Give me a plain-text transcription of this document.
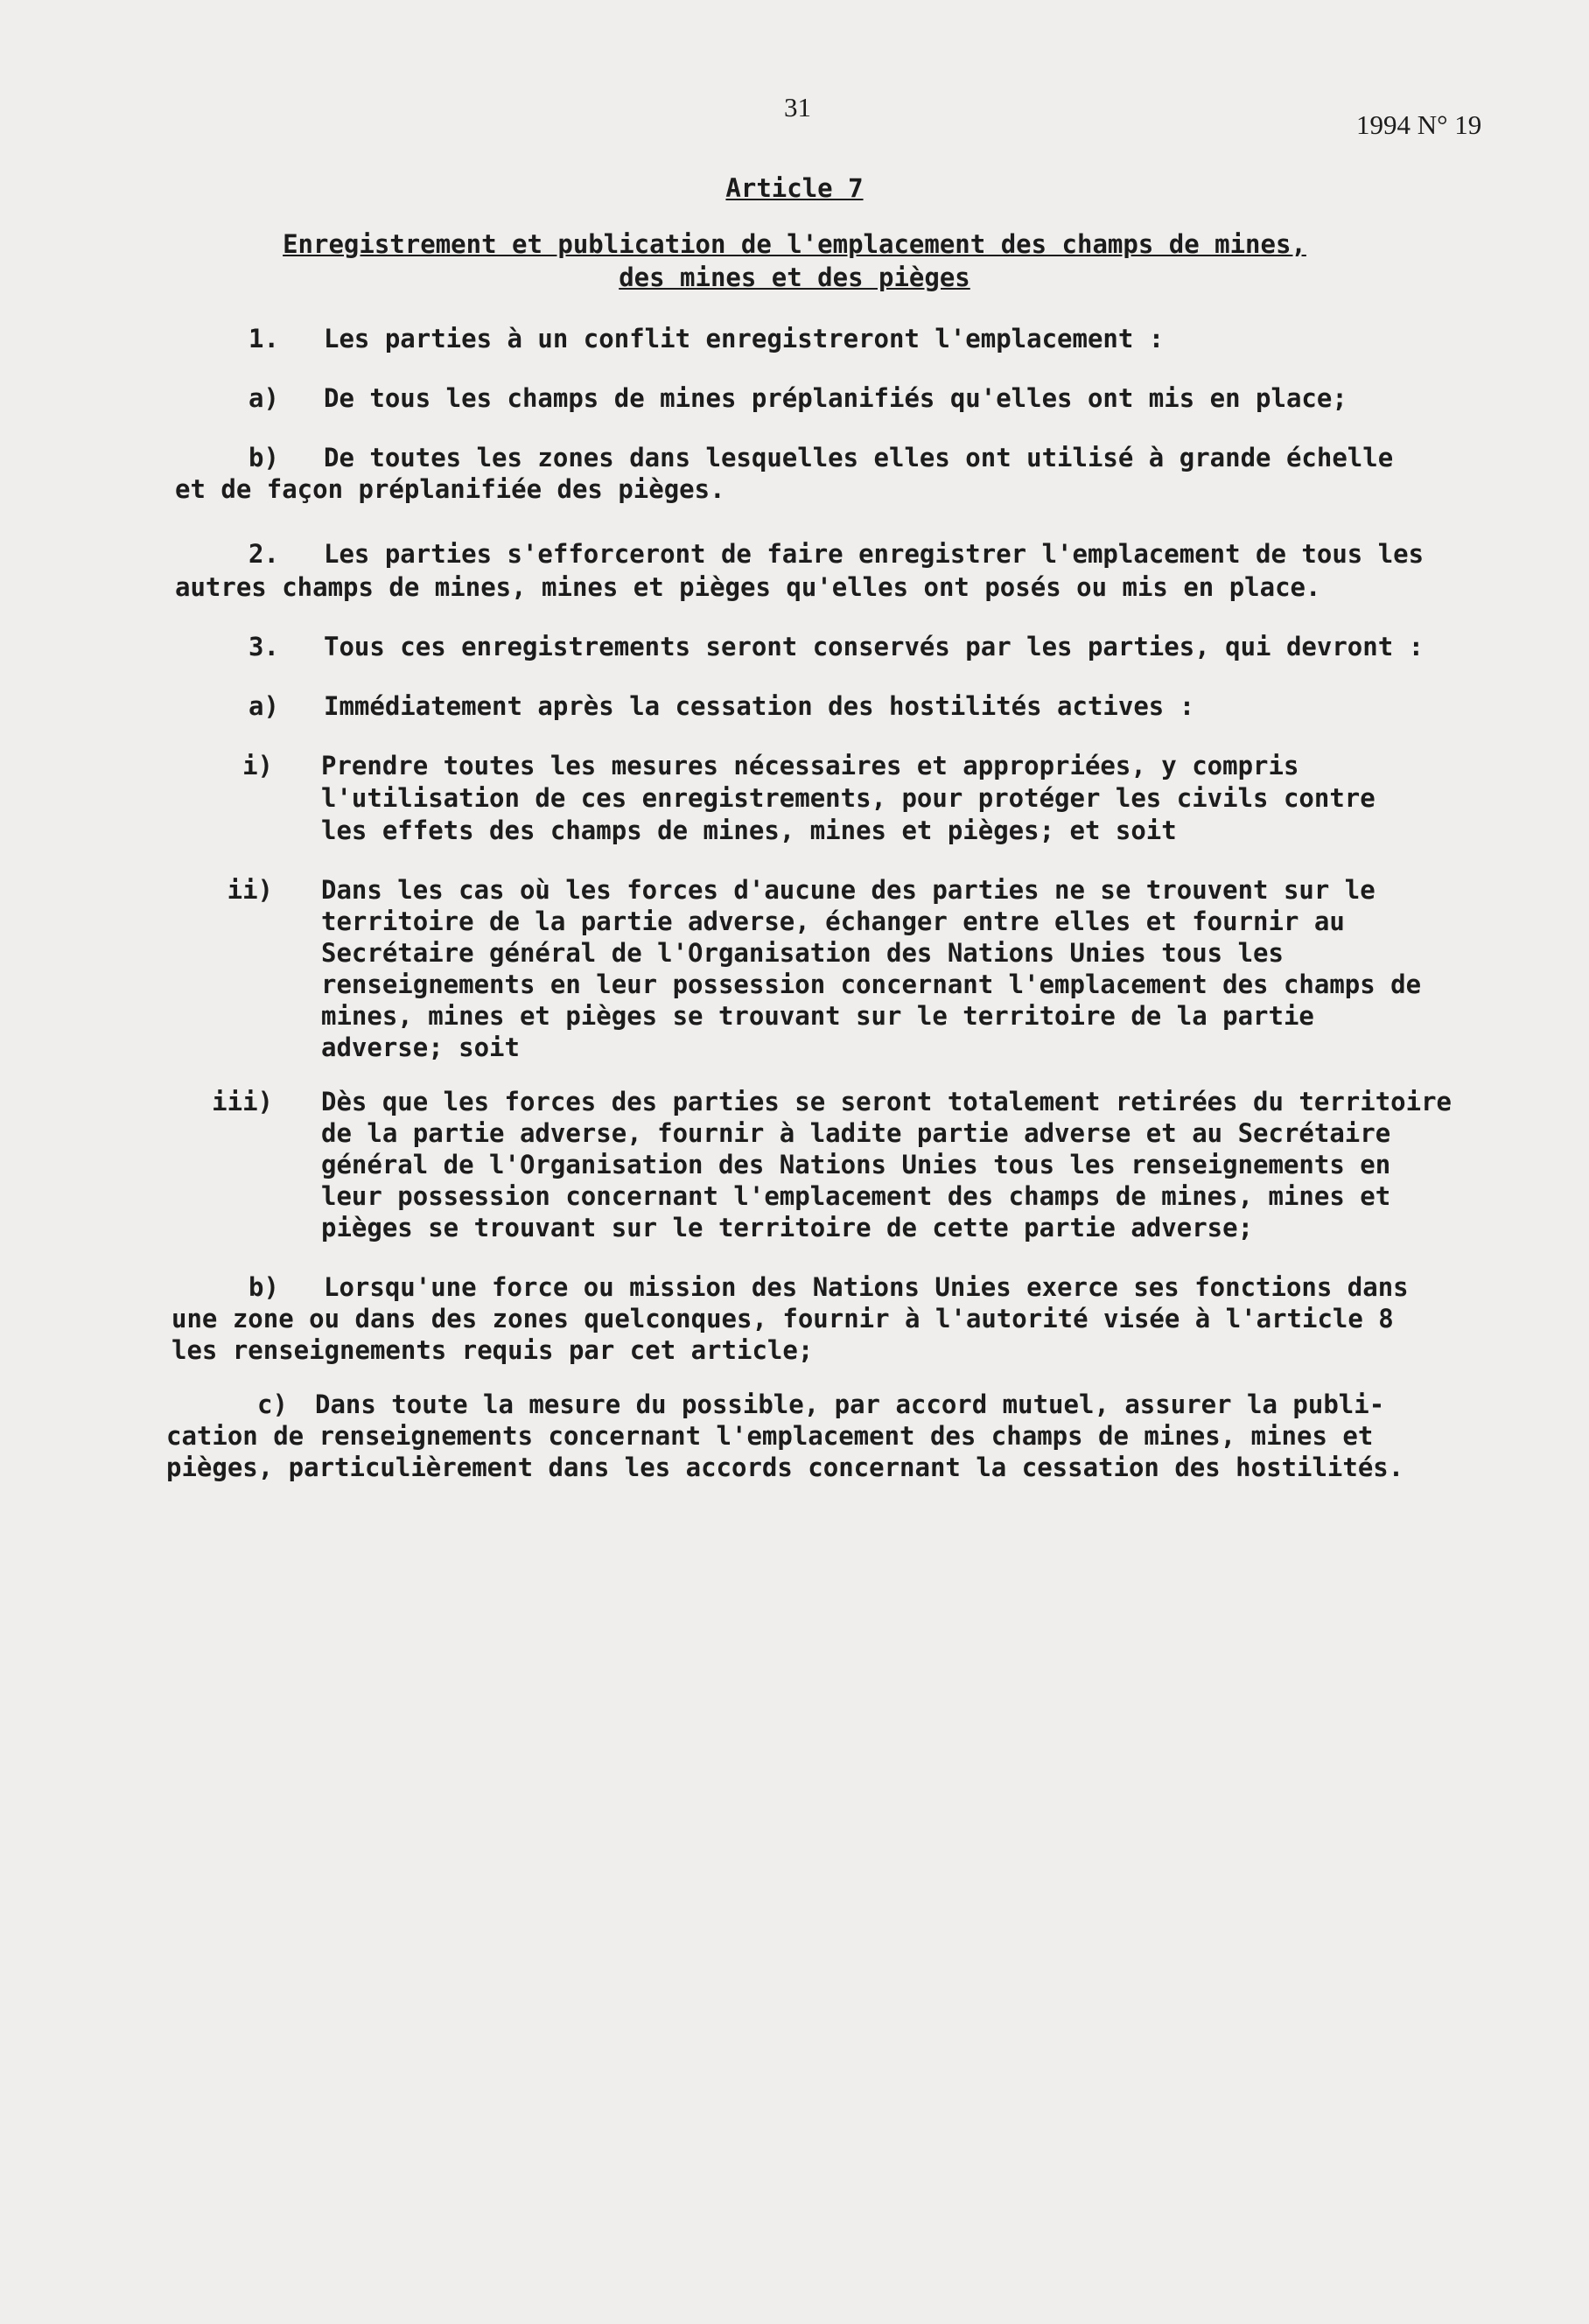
31
1994 N° 19
Article 7
Enregistrement et publication de l'emplacement des champs de mines,
des mines et des pièges
1. Les parties à un conflit enregistreront l'emplacement :
a) De tous les champs de mines préplanifiés qu'elles ont mis en place;
b) De toutes les zones dans lesquelles elles ont utilisé à grande échelle
et de façon préplanifiée des pièges.
2. Les parties s'efforceront de faire enregistrer l'emplacement de tous les
autres champs de mines, mines et pièges qu'elles ont posés ou mis en place.
3. Tous ces enregistrements seront conservés par les parties, qui devront :
a) Immédiatement après la cessation des hostilités actives :
i) Prendre toutes les mesures nécessaires et appropriées, y compris
l'utilisation de ces enregistrements, pour protéger les civils contre
les effets des champs de mines, mines et pièges; et soit
ii) Dans les cas où les forces d'aucune des parties ne se trouvent sur le
territoire de la partie adverse, échanger entre elles et fournir au
Secrétaire général de l'Organisation des Nations Unies tous les
renseignements en leur possession concernant l'emplacement des champs de
mines, mines et pièges se trouvant sur le territoire de la partie
adverse; soit
iii) Dès que les forces des parties se seront totalement retirées du territoire
de la partie adverse, fournir à ladite partie adverse et au Secrétaire
général de l'Organisation des Nations Unies tous les renseignements en
leur possession concernant l'emplacement des champs de mines, mines et
pièges se trouvant sur le territoire de cette partie adverse;
b) Lorsqu'une force ou mission des Nations Unies exerce ses fonctions dans
une zone ou dans des zones quelconques, fournir à l'autorité visée à l'article 8
les renseignements requis par cet article;
c) Dans toute la mesure du possible, par accord mutuel, assurer la publi-
cation de renseignements concernant l'emplacement des champs de mines, mines et
pièges, particulièrement dans les accords concernant la cessation des hostilités.
